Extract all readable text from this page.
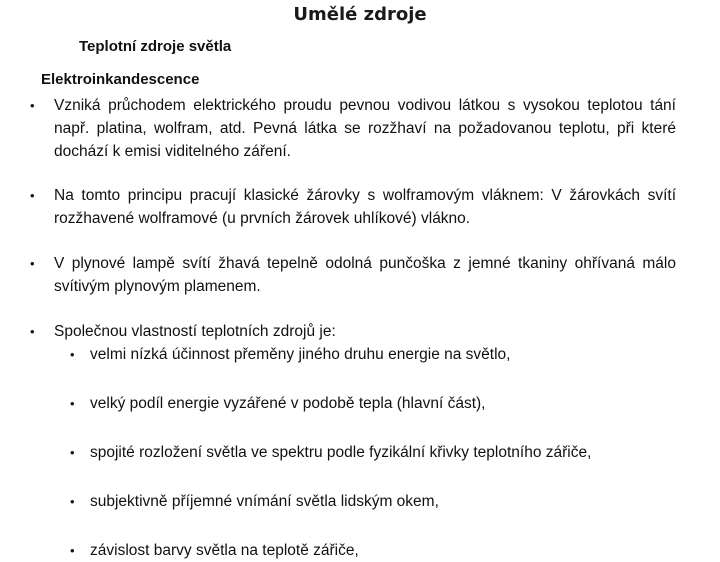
Umělé zdroje
Teplotní zdroje světla
Elektroinkandescence
• Vzniká průchodem elektrického proudu pevnou vodivou látkou s vysokou teplotou tání např. platina, wolfram, atd. Pevná látka se rozžhaví na požadovanou teplotu, při které dochází k emisi viditelného záření.
• Na tomto principu pracují klasické žárovky s wolframovým vláknem: V žárovkách svítí rozžhavené wolframové (u prvních žárovek uhlíkové) vlákno.
• V plynové lampě svítí žhavá tepelně odolná punčoška z jemné tkaniny ohřívaná málo svítivým plynovým plamenem.
• Společnou vlastností teplotních zdrojů je:
• velmi nízká účinnost přeměny jiného druhu energie na světlo,
• velký podíl energie vyzářené v podobě tepla (hlavní část),
• spojité rozložení světla ve spektru podle fyzikální křivky teplotního zářiče,
• subjektivně příjemné vnímání světla lidským okem,
• závislost barvy světla na teplotě zářiče,
